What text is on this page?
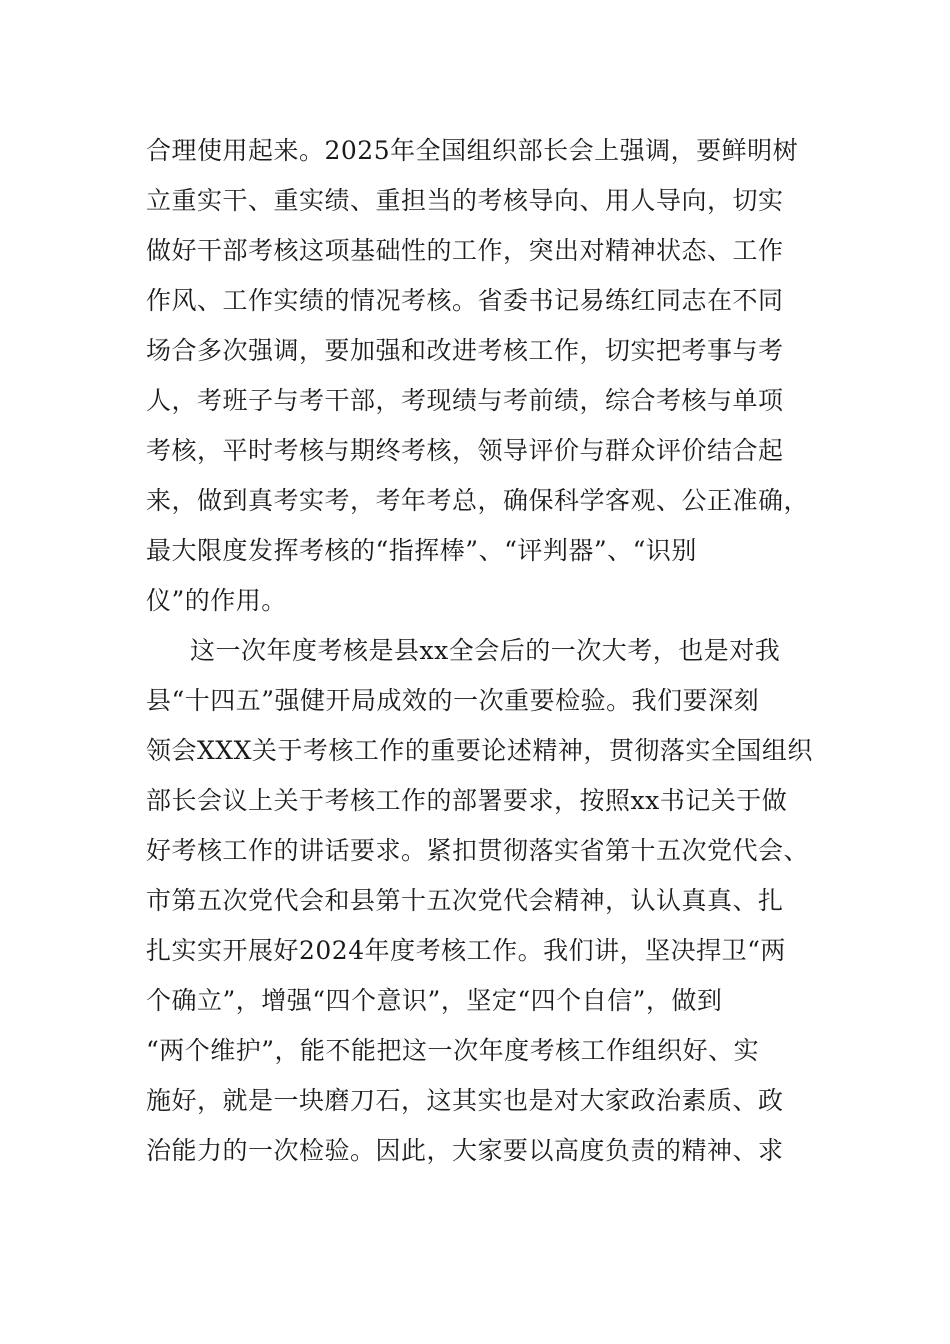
合理使用起来。2025年全国组织部长会上强调，要鲜明树
立重实干、重实绩、重担当的考核导向、用人导向，切实
做好干部考核这项基础性的工作，突出对精神状态、工作
作风、工作实绩的情况考核。省委书记易练红同志在不同
场合多次强调，要加强和改进考核工作，切实把考事与考
人，考班子与考干部，考现绩与考前绩，综合考核与单项
考核，平时考核与期终考核，领导评价与群众评价结合起
来，做到真考实考，考年考总，确保科学客观、公正准确，
最大限度发挥考核的“指挥棒”、“评判器”、“识别
仪”的作用。
这一次年度考核是县xx全会后的一次大考，也是对我
县“十四五”强健开局成效的一次重要检验。我们要深刻
领会XXX关于考核工作的重要论述精神，贯彻落实全国组织
部长会议上关于考核工作的部署要求，按照xx书记关于做
好考核工作的讲话要求。紧扣贯彻落实省第十五次党代会、
市第五次党代会和县第十五次党代会精神，认认真真、扎
扎实实开展好2024年度考核工作。我们讲，坚决捍卫“两
个确立”，增强“四个意识”，坚定“四个自信”，做到
“两个维护”，能不能把这一次年度考核工作组织好、实
施好，就是一块磨刀石，这其实也是对大家政治素质、政
治能力的一次检验。因此，大家要以高度负责的精神、求
